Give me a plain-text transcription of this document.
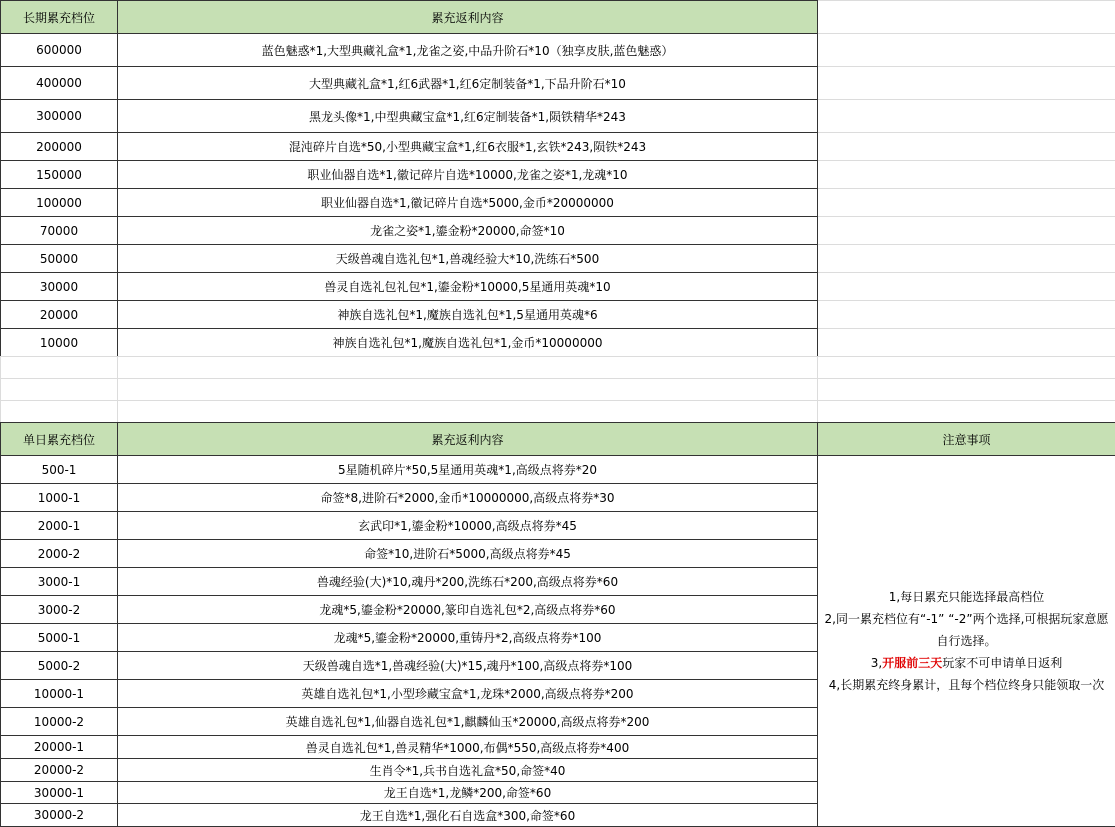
长期累充档位	累充返利内容	
600000	蓝色魅惑*1,大型典藏礼盒*1,龙雀之姿,中品升阶石*10（独享皮肤,蓝色魅惑）	
400000	大型典藏礼盒*1,红6武器*1,红6定制装备*1,下品升阶石*10	
300000	黑龙头像*1,中型典藏宝盒*1,红6定制装备*1,陨铁精华*243	
200000	混沌碎片自选*50,小型典藏宝盒*1,红6衣服*1,玄铁*243,陨铁*243	
150000	职业仙器自选*1,徽记碎片自选*10000,龙雀之姿*1,龙魂*10	
100000	职业仙器自选*1,徽记碎片自选*5000,金币*20000000	
70000	龙雀之姿*1,鎏金粉*20000,命签*10	
50000	天级兽魂自选礼包*1,兽魂经验大*10,洗练石*500	
30000	兽灵自选礼包礼包*1,鎏金粉*10000,5星通用英魂*10	
20000	神族自选礼包*1,魔族自选礼包*1,5星通用英魂*6	
10000	神族自选礼包*1,魔族自选礼包*1,金币*10000000	

单日累充档位	累充返利内容	注意事项
500-1	5星随机碎片*50,5星通用英魂*1,高级点将券*20	1,每日累充只能选择最高档位
2,同一累充档位有“-1” “-2”两个选择,可根据玩家意愿自行选择。
3,开服前三天玩家不可申请单日返利
4,长期累充终身累计，且每个档位终身只能领取一次

1000-1	命签*8,进阶石*2000,金币*10000000,高级点将券*30	
2000-1	玄武印*1,鎏金粉*10000,高级点将券*45	
2000-2	命签*10,进阶石*5000,高级点将券*45	
3000-1	兽魂经验(大)*10,魂丹*200,洗练石*200,高级点将券*60	
3000-2	龙魂*5,鎏金粉*20000,篆印自选礼包*2,高级点将券*60	
5000-1	龙魂*5,鎏金粉*20000,重铸丹*2,高级点将券*100	
5000-2	天级兽魂自选*1,兽魂经验(大)*15,魂丹*100,高级点将券*100	
10000-1	英雄自选礼包*1,小型珍藏宝盒*1,龙珠*2000,高级点将券*200	
10000-2	英雄自选礼包*1,仙器自选礼包*1,麒麟仙玉*20000,高级点将券*200	
20000-1	兽灵自选礼包*1,兽灵精华*1000,布偶*550,高级点将券*400	
20000-2	生肖令*1,兵书自选礼盒*50,命签*40	
30000-1	龙王自选*1,龙鳞*200,命签*60	
30000-2	龙王自选*1,强化石自选盒*300,命签*60	
